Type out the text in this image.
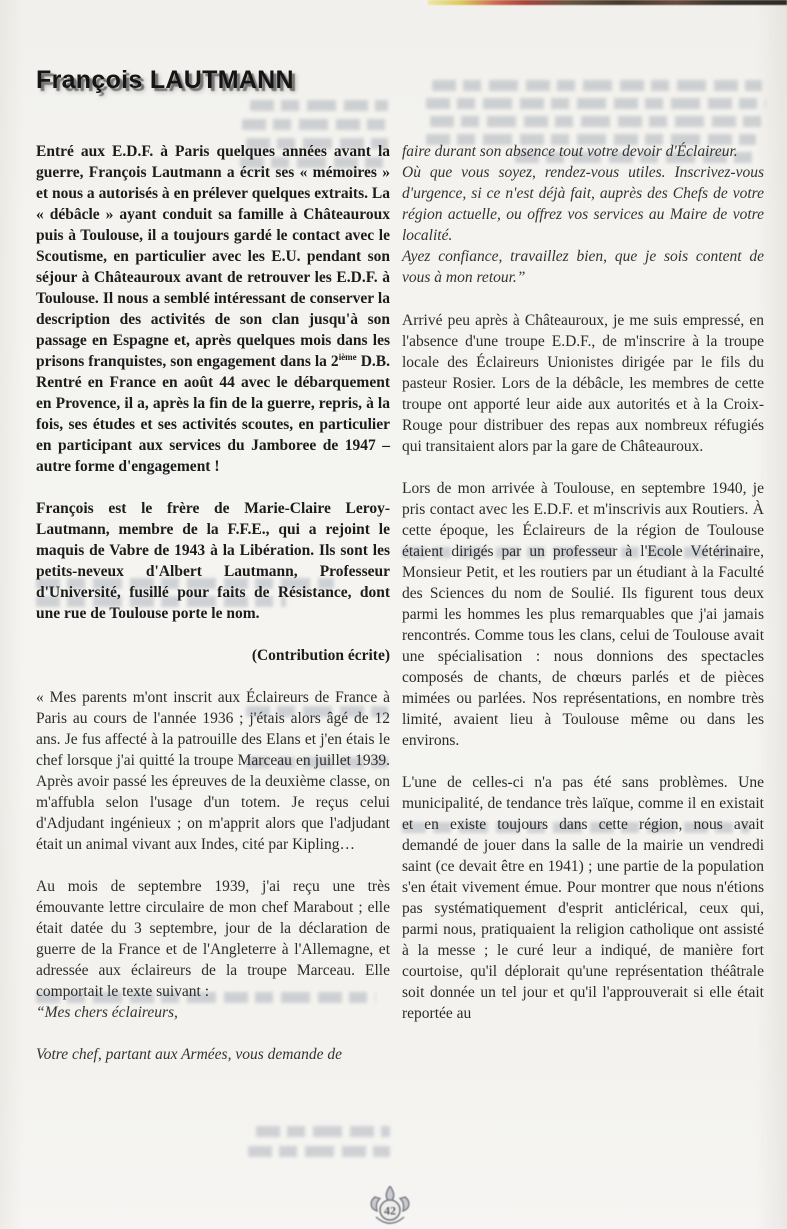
François LAUTMANN

Entré aux E.D.F. à Paris quelques années avant la guerre, François Lautmann a écrit ses « mémoires » et nous a autorisés à en prélever quelques extraits. La « débâcle » ayant conduit sa famille à Châteauroux puis à Toulouse, il a toujours gardé le contact avec le Scoutisme, en particulier avec les E.U. pendant son séjour à Châteauroux avant de retrouver les E.D.F. à Toulouse. Il nous a semblé intéressant de conserver la description des activités de son clan jusqu'à son passage en Espagne et, après quelques mois dans les prisons franquistes, son engagement dans la 2ième D.B. Rentré en France en août 44 avec le débarquement en Provence, il a, après la fin de la guerre, repris, à la fois, ses études et ses activités scoutes, en particulier en participant aux services du Jamboree de 1947 – autre forme d'engagement !

François est le frère de Marie-Claire Leroy-Lautmann, membre de la F.F.E., qui a rejoint le maquis de Vabre de 1943 à la Libération. Ils sont les petits-neveux d'Albert Lautmann, Professeur d'Université, fusillé pour faits de Résistance, dont une rue de Toulouse porte le nom.

(Contribution écrite)

« Mes parents m'ont inscrit aux Éclaireurs de France à Paris au cours de l'année 1936 ; j'étais alors âgé de 12 ans. Je fus affecté à la patrouille des Elans et j'en étais le chef lorsque j'ai quitté la troupe Marceau en juillet 1939. Après avoir passé les épreuves de la deuxième classe, on m'affubla selon l'usage d'un totem. Je reçus celui d'Adjudant ingénieux ; on m'apprit alors que l'adjudant était un animal vivant aux Indes, cité par Kipling…

Au mois de septembre 1939, j'ai reçu une très émouvante lettre circulaire de mon chef Marabout ; elle était datée du 3 septembre, jour de la déclaration de guerre de la France et de l'Angleterre à l'Allemagne, et adressée aux éclaireurs de la troupe Marceau. Elle comportait le texte suivant :

“Mes chers éclaireurs,

Votre chef, partant aux Armées, vous demande de

faire durant son absence tout votre devoir d'Éclaireur.

Où que vous soyez, rendez-vous utiles. Inscrivez-vous d'urgence, si ce n'est déjà fait, auprès des Chefs de votre région actuelle, ou offrez vos services au Maire de votre localité.

Ayez confiance, travaillez bien, que je sois content de vous à mon retour.”

Arrivé peu après à Châteauroux, je me suis empressé, en l'absence d'une troupe E.D.F., de m'inscrire à la troupe locale des Éclaireurs Unionistes dirigée par le fils du pasteur Rosier. Lors de la débâcle, les membres de cette troupe ont apporté leur aide aux autorités et à la Croix-Rouge pour distribuer des repas aux nombreux réfugiés qui transitaient alors par la gare de Châteauroux.

Lors de mon arrivée à Toulouse, en septembre 1940, je pris contact avec les E.D.F. et m'inscrivis aux Routiers. À cette époque, les Éclaireurs de la région de Toulouse étaient dirigés par un professeur à l'Ecole Vétérinaire, Monsieur Petit, et les routiers par un étudiant à la Faculté des Sciences du nom de Soulié. Ils figurent tous deux parmi les hommes les plus remarquables que j'ai jamais rencontrés. Comme tous les clans, celui de Toulouse avait une spécialisation : nous donnions des spectacles composés de chants, de chœurs parlés et de pièces mimées ou parlées. Nos représentations, en nombre très limité, avaient lieu à Toulouse même ou dans les environs.

L'une de celles-ci n'a pas été sans problèmes. Une municipalité, de tendance très laïque, comme il en existait et en existe toujours dans cette région, nous avait demandé de jouer dans la salle de la mairie un vendredi saint (ce devait être en 1941) ; une partie de la population s'en était vivement émue. Pour montrer que nous n'étions pas systématiquement d'esprit anticlérical, ceux qui, parmi nous, pratiquaient la religion catholique ont assisté à la messe ; le curé leur a indiqué, de manière fort courtoise, qu'il déplorait qu'une représentation théâtrale soit donnée un tel jour et qu'il l'approuverait si elle était reportée au

42
